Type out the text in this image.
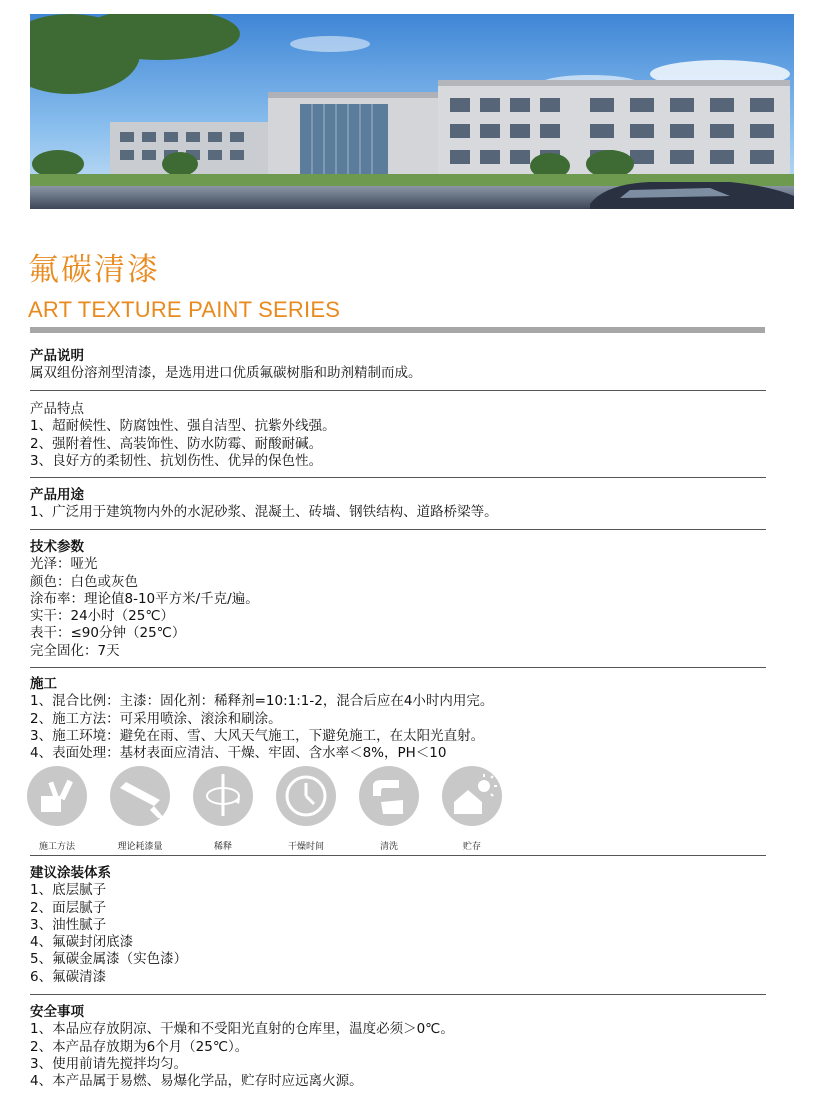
氟碳清漆
ART TEXTURE PAINT SERIES
产品说明
属双组份溶剂型清漆，是选用进口优质氟碳树脂和助剂精制而成。
产品特点
1、超耐候性、防腐蚀性、强自洁型、抗紫外线强。
2、强附着性、高装饰性、防水防霉、耐酸耐碱。
3、良好方的柔韧性、抗划伤性、优异的保色性。
产品用途
1、广泛用于建筑物内外的水泥砂浆、混凝土、砖墙、钢铁结构、道路桥梁等。
技术参数
光泽：哑光
颜色：白色或灰色
涂布率：理论值8-10平方米/千克/遍。
实干：24小时（25℃）
表干：≤90分钟（25℃）
完全固化：7天
施工
1、混合比例：主漆：固化剂：稀释剂=10:1:1-2，混合后应在4小时内用完。
2、施工方法：可采用喷涂、滚涂和刷涂。
3、施工环境：避免在雨、雪、大风天气施工，下避免施工，在太阳光直射。
4、表面处理：基材表面应清洁、干燥、牢固、含水率＜8%，PH＜10
施工方法	理论耗漆量	稀释	干燥时间	清洗	贮存
建议涂装体系
1、底层腻子
2、面层腻子
3、油性腻子
4、氟碳封闭底漆
5、氟碳金属漆（实色漆）
6、氟碳清漆
安全事项
1、本品应存放阴凉、干燥和不受阳光直射的仓库里，温度必须＞0℃。
2、本产品存放期为6个月（25℃）。
3、使用前请先搅拌均匀。
4、本产品属于易燃、易爆化学品，贮存时应远离火源。
